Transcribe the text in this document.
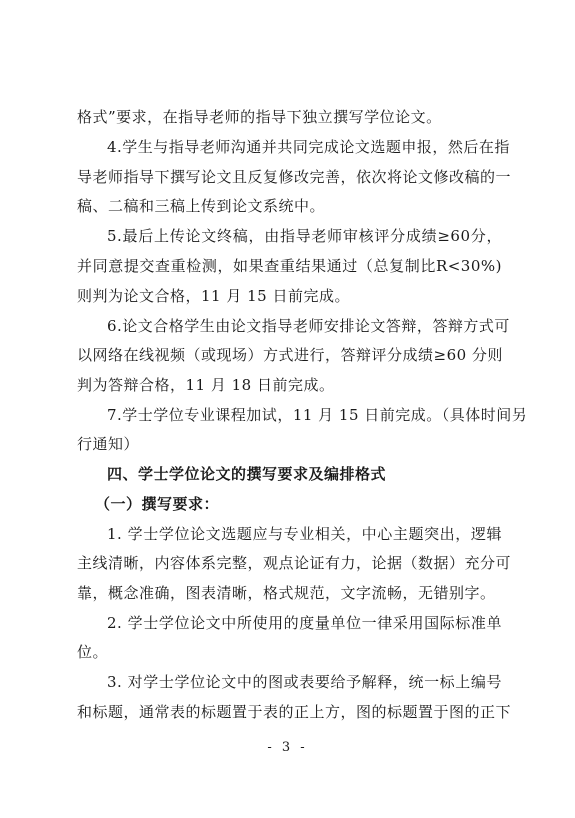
格式”要求，在指导老师的指导下独立撰写学位论文。
4.学生与指导老师沟通并共同完成论文选题申报，然后在指
导老师指导下撰写论文且反复修改完善，依次将论文修改稿的一
稿、二稿和三稿上传到论文系统中。
5.最后上传论文终稿，由指导老师审核评分成绩≥60分，
并同意提交查重检测，如果查重结果通过（总复制比R<30%)
则判为论文合格，11 月 15 日前完成。
6.论文合格学生由论文指导老师安排论文答辩，答辩方式可
以网络在线视频（或现场）方式进行，答辩评分成绩≥60 分则
判为答辩合格，11 月 18 日前完成。
7.学士学位专业课程加试，11 月 15 日前完成。（具体时间另
行通知）
四、学士学位论文的撰写要求及编排格式
（一）撰写要求：
1. 学士学位论文选题应与专业相关，中心主题突出，逻辑
主线清晰，内容体系完整，观点论证有力，论据（数据）充分可
靠，概念准确，图表清晰，格式规范，文字流畅，无错别字。
2. 学士学位论文中所使用的度量单位一律采用国际标准单
位。
3. 对学士学位论文中的图或表要给予解释，统一标上编号
和标题，通常表的标题置于表的正上方，图的标题置于图的正下
- 3 -
